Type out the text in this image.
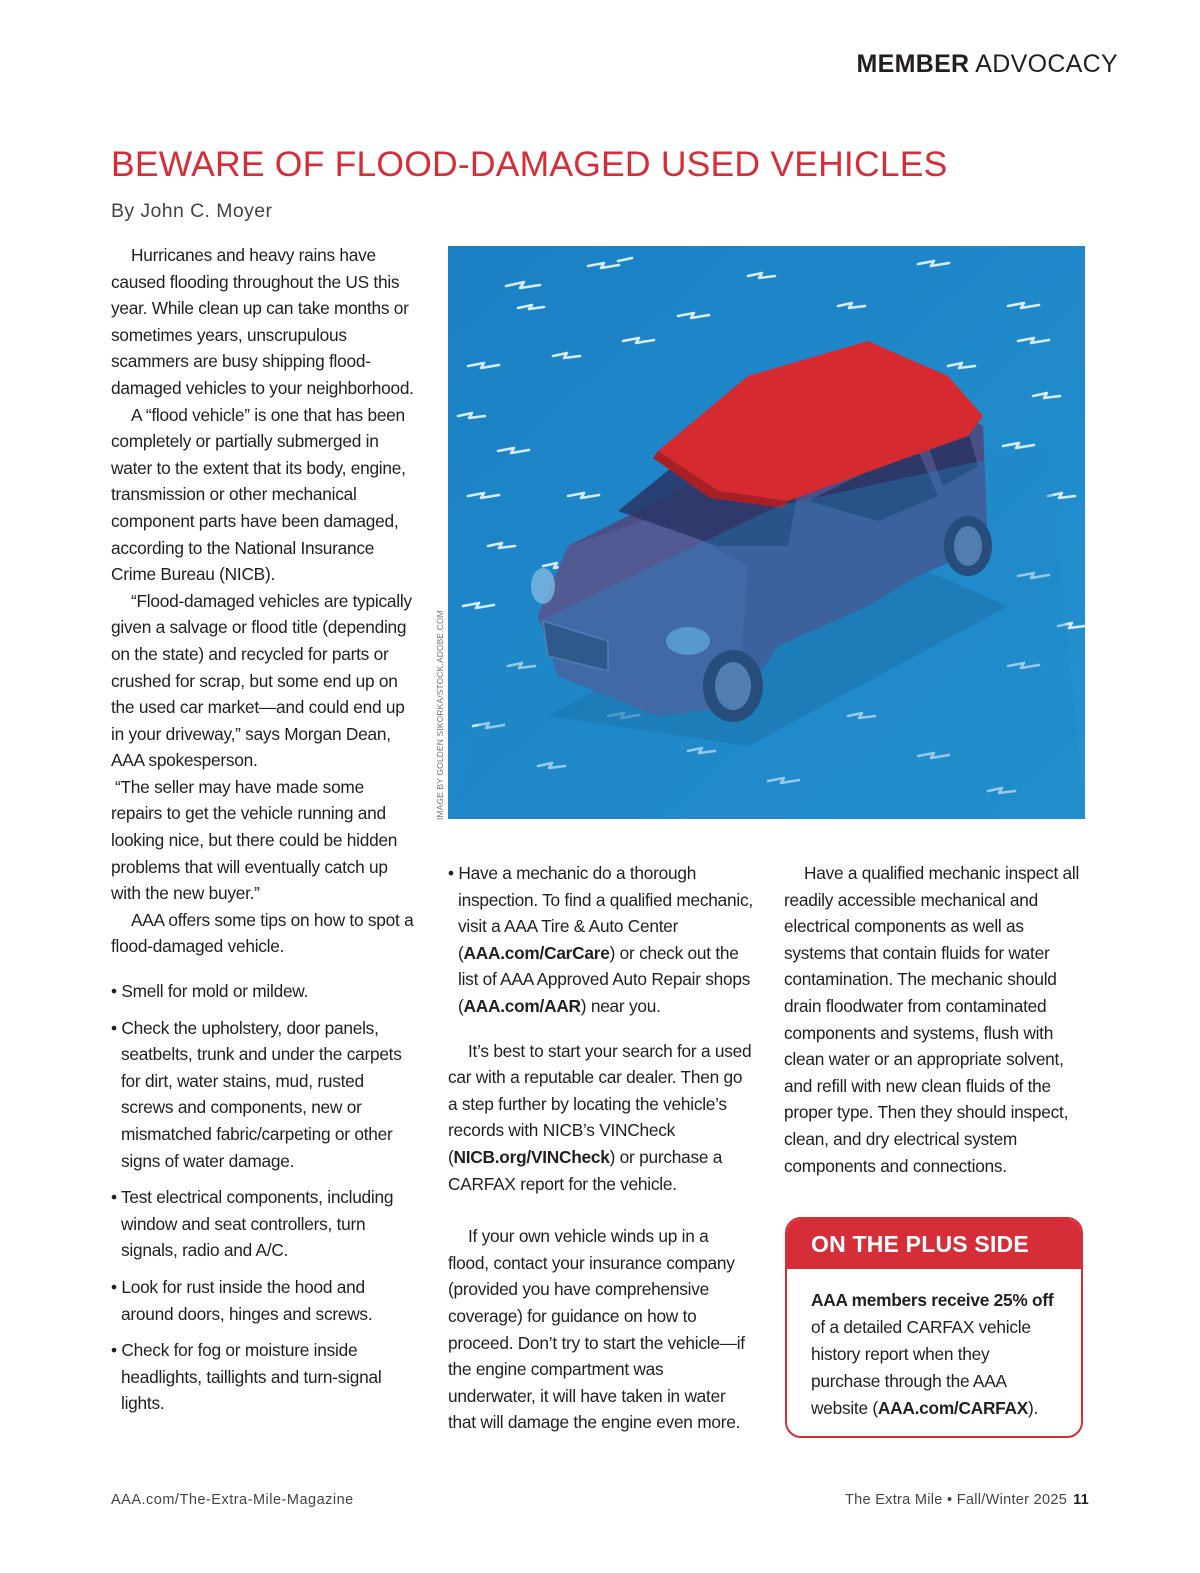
MEMBER ADVOCACY
BEWARE OF FLOOD-DAMAGED USED VEHICLES
By John C. Moyer

Hurricanes and heavy rains have caused flooding throughout the US this year. While clean up can take months or sometimes years, unscrupulous scammers are busy shipping flood-damaged vehicles to your neighborhood.

A “flood vehicle” is one that has been completely or partially submerged in water to the extent that its body, engine, transmission or other mechanical component parts have been damaged, according to the National Insurance Crime Bureau (NICB).

“Flood-damaged vehicles are typically given a salvage or flood title (depending on the state) and recycled for parts or crushed for scrap, but some end up on the used car market—and could end up in your driveway,” says Morgan Dean, AAA spokesperson.

“The seller may have made some repairs to get the vehicle running and looking nice, but there could be hidden problems that will eventually catch up with the new buyer.”

AAA offers some tips on how to spot a flood-damaged vehicle.

• Smell for mold or mildew.

• Check the upholstery, door panels, seatbelts, trunk and under the carpets for dirt, water stains, mud, rusted screws and components, new or mismatched fabric/carpeting or other signs of water damage.

• Test electrical components, including window and seat controllers, turn signals, radio and A/C.

• Look for rust inside the hood and around doors, hinges and screws.

• Check for fog or moisture inside headlights, taillights and turn-signal lights.

IMAGE BY GOLDEN SIKORKA/STOCK.ADOBE.COM

• Have a mechanic do a thorough inspection. To find a qualified mechanic, visit a AAA Tire & Auto Center (AAA.com/CarCare) or check out the list of AAA Approved Auto Repair shops (AAA.com/AAR) near you.

It’s best to start your search for a used car with a reputable car dealer. Then go a step further by locating the vehicle’s records with NICB’s VINCheck (NICB.org/VINCheck) or purchase a CARFAX report for the vehicle.

If your own vehicle winds up in a flood, contact your insurance company (provided you have comprehensive coverage) for guidance on how to proceed. Don’t try to start the vehicle—if the engine compartment was underwater, it will have taken in water that will damage the engine even more.

Have a qualified mechanic inspect all readily accessible mechanical and electrical components as well as systems that contain fluids for water contamination. The mechanic should drain floodwater from contaminated components and systems, flush with clean water or an appropriate solvent, and refill with new clean fluids of the proper type. Then they should inspect, clean, and dry electrical system components and connections.

ON THE PLUS SIDE
AAA members receive 25% off of a detailed CARFAX vehicle history report when they purchase through the AAA website (AAA.com/CARFAX).
AAA.com/The-Extra-Mile-Magazine	The Extra Mile • Fall/Winter 2025 11
